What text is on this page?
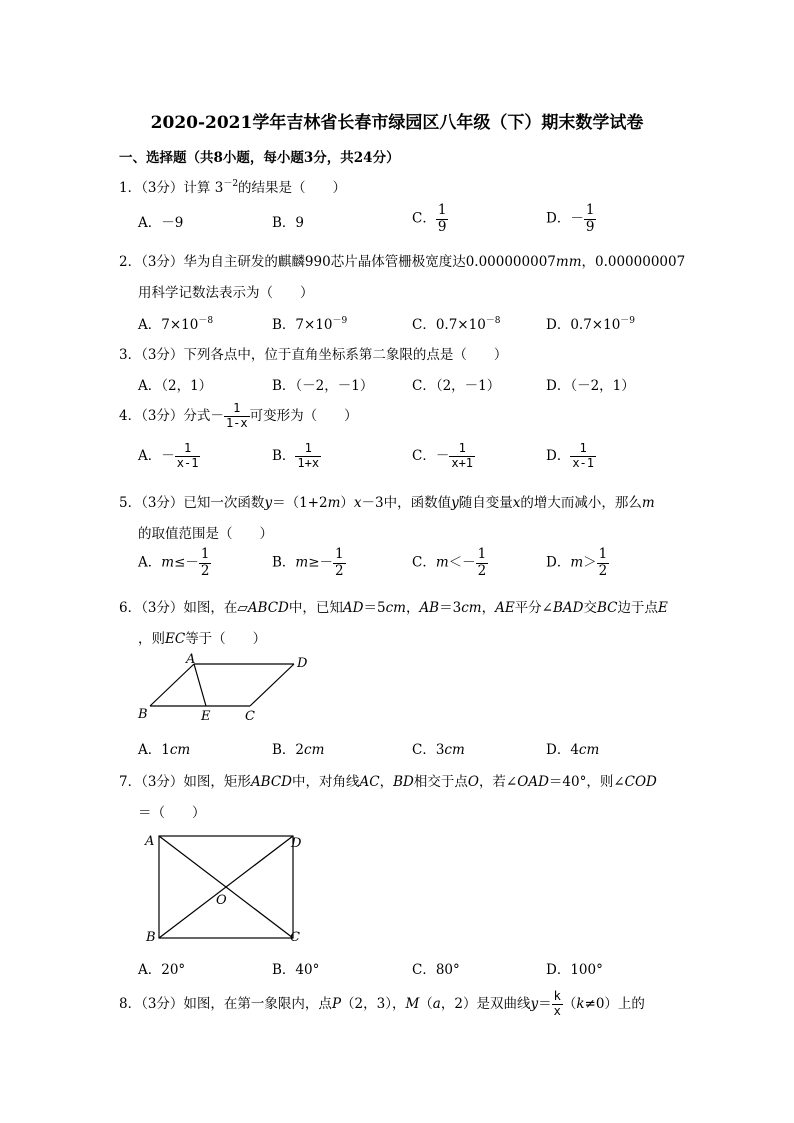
2020-2021学年吉林省长春市绿园区八年级（下）期末数学试卷
一、选择题（共8小题，每小题3分，共24分）
1．（3分）计算 $3^{-2}$的结果是（　　）
A．－9	B．9	C． $\frac{1}{9}$	D．－ $\frac{1}{9}$
2．（3分）华为自主研发的麒麟990芯片晶体管栅极宽度达0.000000007mm，0.000000007
用科学记数法表示为（　　）
A．$7\times 10^{-8}$	B．$7\times 10^{-9}$	C．$0.7\times 10^{-8}$	D．$0.7\times 10^{-9}$
3．（3分）下列各点中，位于直角坐标系第二象限的点是（　　）
A．（2，1）	B．（－2，－1）	C．（2，－1）	D．（－2，1）
4．（3分）分式－ $\frac{1}{1-x}$ 可变形为（　　）
A．－ $\frac{1}{x-1}$	B． $\frac{1}{1+x}$	C．－ $\frac{1}{x+1}$	D． $\frac{1}{x-1}$
5．（3分）已知一次函数y＝（1+2m）x－3中，函数值y随自变量x的增大而减小，那么m
的取值范围是（　　）
A．$m\le- \frac{1}{2}$	B．$m\ge- \frac{1}{2}$	C．$m<- \frac{1}{2}$	D．$m> \frac{1}{2}$
6．（3分）如图，在▱ABCD中，已知AD＝5cm，AB＝3cm，AE平分∠BAD交BC边于点E
，则EC等于（　　）
A	D
B	E	C
A．1cm	B．2cm	C．3cm	D．4cm
7．（3分）如图，矩形ABCD中，对角线AC，BD相交于点O，若∠OAD＝40°，则∠COD
＝（　　）
A	D
B	C
O
A．20°	B．40°	C．80°	D．100°
8．（3分）如图，在第一象限内，点P（2，3），M（a，2）是双曲线$y= \frac{k}{x} (k\ne 0)$上的
